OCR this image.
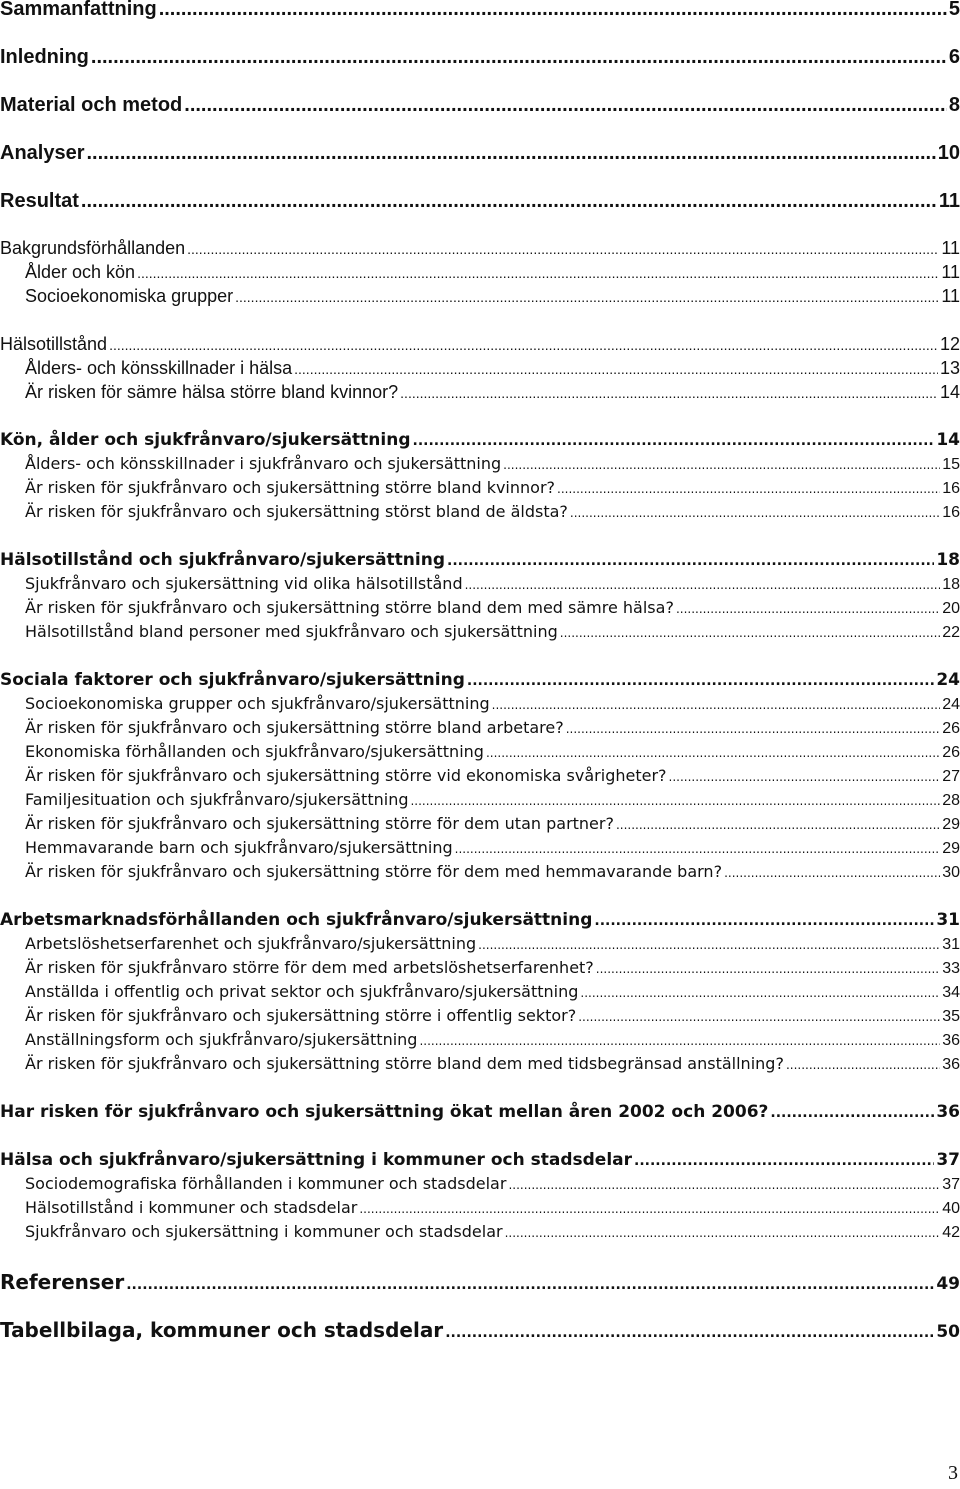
Sammanfattning .....	5
Inledning .....	6
Material och metod .....	8
Analyser .....	10
Resultat .....	11
Bakgrundsförhållanden .....	11
Ålder och kön .....	11
Socioekonomiska grupper .....	11
Hälsotillstånd .....	12
Ålders- och könsskillnader i hälsa .....	13
Är risken för sämre hälsa större bland kvinnor? .....	14
Kön, ålder och sjukfrånvaro/sjukersättning .....	14
Ålders- och könsskillnader i sjukfrånvaro och sjukersättning .....	15
Är risken för sjukfrånvaro och sjukersättning större bland kvinnor? .....	16
Är risken för sjukfrånvaro och sjukersättning störst bland de äldsta? .....	16
Hälsotillstånd och sjukfrånvaro/sjukersättning .....	18
Sjukfrånvaro och sjukersättning vid olika hälsotillstånd .....	18
Är risken för sjukfrånvaro och sjukersättning större bland dem med sämre hälsa? .....	20
Hälsotillstånd bland personer med sjukfrånvaro och sjukersättning .....	22
Sociala faktorer och sjukfrånvaro/sjukersättning .....	24
Socioekonomiska grupper och sjukfrånvaro/sjukersättning .....	24
Är risken för sjukfrånvaro och sjukersättning större bland arbetare? .....	26
Ekonomiska förhållanden och sjukfrånvaro/sjukersättning .....	26
Är risken för sjukfrånvaro och sjukersättning större vid ekonomiska svårigheter? .....	27
Familjesituation och sjukfrånvaro/sjukersättning .....	28
Är risken för sjukfrånvaro och sjukersättning större för dem utan partner? .....	29
Hemmavarande barn och sjukfrånvaro/sjukersättning .....	29
Är risken för sjukfrånvaro och sjukersättning större för dem med hemmavarande barn? .....	30
Arbetsmarknadsförhållanden och sjukfrånvaro/sjukersättning .....	31
Arbetslöshetserfarenhet och sjukfrånvaro/sjukersättning .....	31
Är risken för sjukfrånvaro större för dem med arbetslöshetserfarenhet? .....	33
Anställda i offentlig och privat sektor och sjukfrånvaro/sjukersättning .....	34
Är risken för sjukfrånvaro och sjukersättning större i offentlig sektor? .....	35
Anställningsform och sjukfrånvaro/sjukersättning .....	36
Är risken för sjukfrånvaro och sjukersättning större bland dem med tidsbegränsad anställning? .....	36
Har risken för sjukfrånvaro och sjukersättning ökat mellan åren 2002 och 2006? .....	36
Hälsa och sjukfrånvaro/sjukersättning i kommuner och stadsdelar .....	37
Sociodemografiska förhållanden i kommuner och stadsdelar .....	37
Hälsotillstånd i kommuner och stadsdelar .....	40
Sjukfrånvaro och sjukersättning i kommuner och stadsdelar .....	42
Referenser .....	49
Tabellbilaga, kommuner och stadsdelar .....	50
3
